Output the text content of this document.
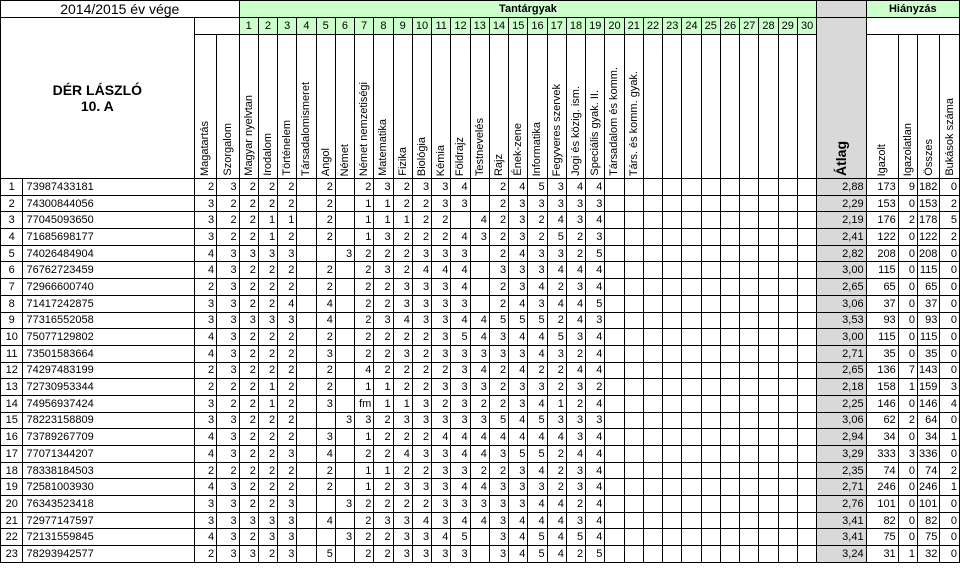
2014/2015 év vége				Tantárgyak																															Hiányzás			

DÉR LÁSZLÓ
10. A				1	2	3	4	5	6	7	8	9	10	11	12	13	14	15	16	17	18	19	20	21	22	23	24	25	26	27	28	29	30	Átlag				

		Magatartás	Szorgalom	Magyar nyelvtan	Irodalom	Történelem	Társadalomismeret	Angol	Német	Német nemzetiségi	Matematika	Fizika	Biológia	Kémia	Földrajz	Testnevelés	Rajz	Ének-zene	Informatika	Fegyveres szervek	Jogi és közig. ism.	Speciális gyak. II.	Társadalom és komm.	Társ. és komm. gyak.											Igazolt	Igazolatlan	Összes	Bukások száma

1	73987433181	2	3	2	2	2		2		2	3	2	3	3	4		2	4	5	3	4	4												2,88	173	9	182	0
2	74300844056	3	2	2	2	2		2		1	1	2	2	3	3		2	3	3	3	3	3												2,29	153	0	153	2
3	77045093650	3	2	2	1	1		2		1	1	1	2	2		4	2	3	2	4	3	4												2,19	176	2	178	5
4	71685698177	3	2	2	1	2		2		1	3	2	2	2	4	3	2	3	2	5	2	3												2,41	122	0	122	2
5	74026484904	4	3	3	3	3			3	2	2	2	3	3	3		2	4	3	3	2	5												2,82	208	0	208	0
6	76762723459	4	3	2	2	2		2		2	3	2	4	4	4		3	3	3	4	4	4												3,00	115	0	115	0
7	72966600740	2	3	2	2	2		2		2	2	3	3	3	4		2	3	4	2	3	4												2,65	65	0	65	0
8	71417242875	3	3	2	2	4		4		2	2	3	3	3	3		2	4	3	4	4	5												3,06	37	0	37	0
9	77316552058	3	3	3	3	3		4		2	3	4	3	3	4	4	5	5	5	2	4	3												3,53	93	0	93	0
10	75077129802	4	3	2	2	2		2		2	2	2	2	3	5	4	3	4	4	5	3	4												3,00	115	0	115	0
11	73501583664	4	3	2	2	2		3		2	2	3	2	3	3	3	3	3	4	3	2	4												2,71	35	0	35	0
12	74297483199	2	3	2	2	2		2		4	2	2	2	2	3	4	2	4	2	2	4	4												2,65	136	7	143	0
13	72730953344	2	2	2	1	2		2		1	1	2	2	3	3	3	2	3	3	2	3	2												2,18	158	1	159	3
14	74956937424	3	2	2	1	2		3		fm	1	1	3	2	3	2	2	3	4	1	2	4												2,25	146	0	146	4
15	78223158809	3	3	2	2	2			3	3	2	3	3	3	3	3	5	4	5	3	3	3												3,06	62	2	64	0
16	73789267709	4	3	2	2	2		3		1	2	2	2	4	4	4	4	4	4	4	3	4												2,94	34	0	34	1
17	77071344207	4	3	2	2	3		4		2	2	4	3	3	4	4	3	5	5	2	4	4												3,29	333	3	336	0
18	78338184503	2	2	2	2	2		2		1	1	2	2	3	3	2	2	3	4	2	3	4												2,35	74	0	74	2
19	72581003930	4	3	2	2	2		2		1	2	3	3	3	4	4	3	3	3	2	3	4												2,71	246	0	246	1
20	76343523418	3	3	2	2	3			3	2	2	2	2	3	3	3	3	3	4	4	2	4												2,76	101	0	101	0
21	72977147597	3	3	3	3	3		4		2	3	3	4	3	4	4	3	4	4	4	3	4												3,41	82	0	82	0
22	72131559845	4	3	2	3	3			3	2	2	3	3	4	5		3	4	5	4	5	4												3,41	75	0	75	0
23	78293942577	2	3	3	2	3		5		2	2	3	3	3	3		3	4	5	4	2	5												3,24	31	1	32	0
